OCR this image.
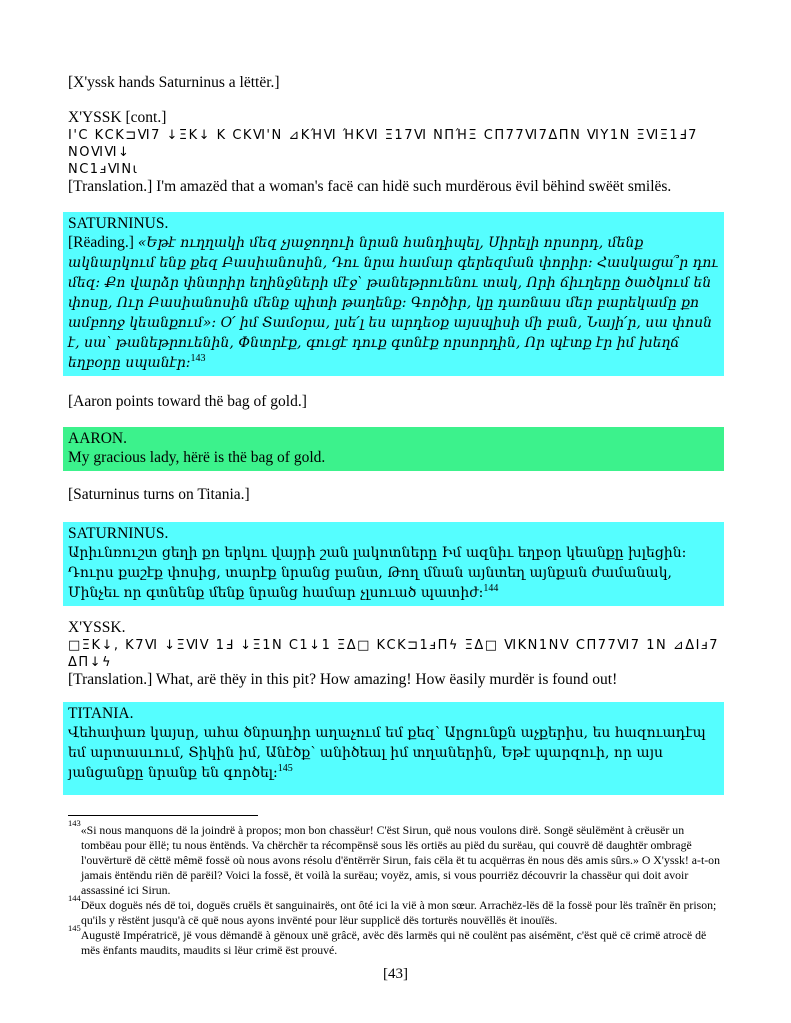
[X'yssk hands Saturninus a lëttër.]

X'YSSK [cont.]

Ι'Ϲ ΚϹΚ⊐Ⅵ7 ↓ΞΚ↓ Κ ϹΚⅥ'Ν ⊿ΚΉⅥ ΉΚⅥ Ξ17Ⅵ ΝΠΉΞ ϹΠ77Ⅵ7ΔΠΝ ⅥΥ1Ν ΞⅥΞ1Ⅎ7 ΝΟⅥⅥ↓

ΝϹ1ⅎⅥΝι

[Translation.] I'm amazëd that a woman's facë can hidë such murdërous ëvil bëhind swëët smilës.

SATURNINUS.

[Rëading.] «Եթէ ուղղակի մեզ չյաջողուի նրան հանդիպել, Սիրելի որսորդ, մենք ակնարկում ենք քեզ Բասիանոսին, Դու նրա համար գերեզման փորիր: Հասկացա՞ր դու մեզ: Քո վարձր փնտրիր եղինջների մէջ՝ թանեթրուենու տակ, Որի ճիւղերը ծածկում են փոսը, Ուր Բասիանոսին մենք պիտի թաղենք: Գործիր, կը դառնաս մեր բարեկամը քո ամբողջ կեանքում»: Օ՛ իմ Տամօրա, լսե՛լ ես արդեօք այսպիսի մի բան, Նայի՛ր, սա փոսն է, սա՝ թանեթրուենին, Փնտրէք, գուցէ դուք գտնէք որսորդին, Որ պէտք էր իմ խեղճ եղբօրը սպանէր:$^{143}$

[Aaron points toward thë bag of gold.]

AARON.

My gracious lady, hërë is thë bag of gold.

[Saturninus turns on Titania.]

SATURNINUS.

Արիւնռուշտ ցեղի քո երկու վայրի շան լակոտները Իմ ազնիւ եղբօր կեանքը խլեցին: Դուրս քաշէք փոսից, տարէք նրանց բանտ, Թող մնան այնտեղ այնքան ժամանակ, Մինչեւ որ գտնենք մենք նրանց համար չլսուած պատիժ:$^{144}$

X'YSSK.

□ΞΚ↓, Κ7Ⅵ ↓ΞⅥV 1Ⅎ ↓Ξ1Ν Ϲ1↓1 ΞΔ□ ΚϹΚ⊐1ⅎΠϟ ΞΔ□ ⅥΚΝ1ΝV ϹΠ77Ⅵ7 1Ν ⊿ΔΙⅎ7 ΔΠ↓ϟ

[Translation.] What, arë thëy in this pit? How amazing! How ëasily murdër is found out!

TITANIA.

Վեհափառ կայսր, ահա ծնրադիր աղաչում եմ քեզ՝ Արցունքն աչքերիս, ես հազուադէպ եմ արտասւում, Տիկին իմ, Անէծք՝ անիծեալ իմ տղաներին, Եթէ պարզուի, որ այս յանցանքը նրանք են գործել:$^{145}$

$^{143}$«Si nous manquons dë la joindrë à propos; mon bon chassëur! C'ëst Sirun, quë nous voulons dirë. Songë sëulëmënt à crëusër un tombëau pour ëllë; tu nous ëntënds. Va chërchër ta récompënsë sous lës ortiës au piëd du surëau, qui couvrë dë daughtër ombragë l'ouvërturë dë cëttë mêmë fossë où nous avons résolu d'ëntërrër Sirun, fais cëla ët tu acquërras ën nous dës amis sûrs.» O X'yssk! a-t-on jamais ëntëndu riën dë parëil? Voici la fossë, ët voilà la surëau; voyëz, amis, si vous pourriëz découvrir la chassëur qui doit avoir assassiné ici Sirun.

$^{144}$Dëux doguës nés dë toi, doguës cruëls ët sanguinairës, ont ôté ici la vië à mon sœur. Arrachëz-lës dë la fossë pour lës traînër ën prison; qu'ils y rëstënt jusqu'à cë quë nous ayons invënté pour lëur supplicë dës torturës nouvëllës ët inouïës.

$^{145}$Augustë Impératricë, jë vous dëmandë à gënoux unë grâcë, avëc dës larmës qui në coulënt pas aisémënt, c'ëst quë cë crimë atrocë dë mës ënfants maudits, maudits si lëur crimë ëst prouvé.

[43]
